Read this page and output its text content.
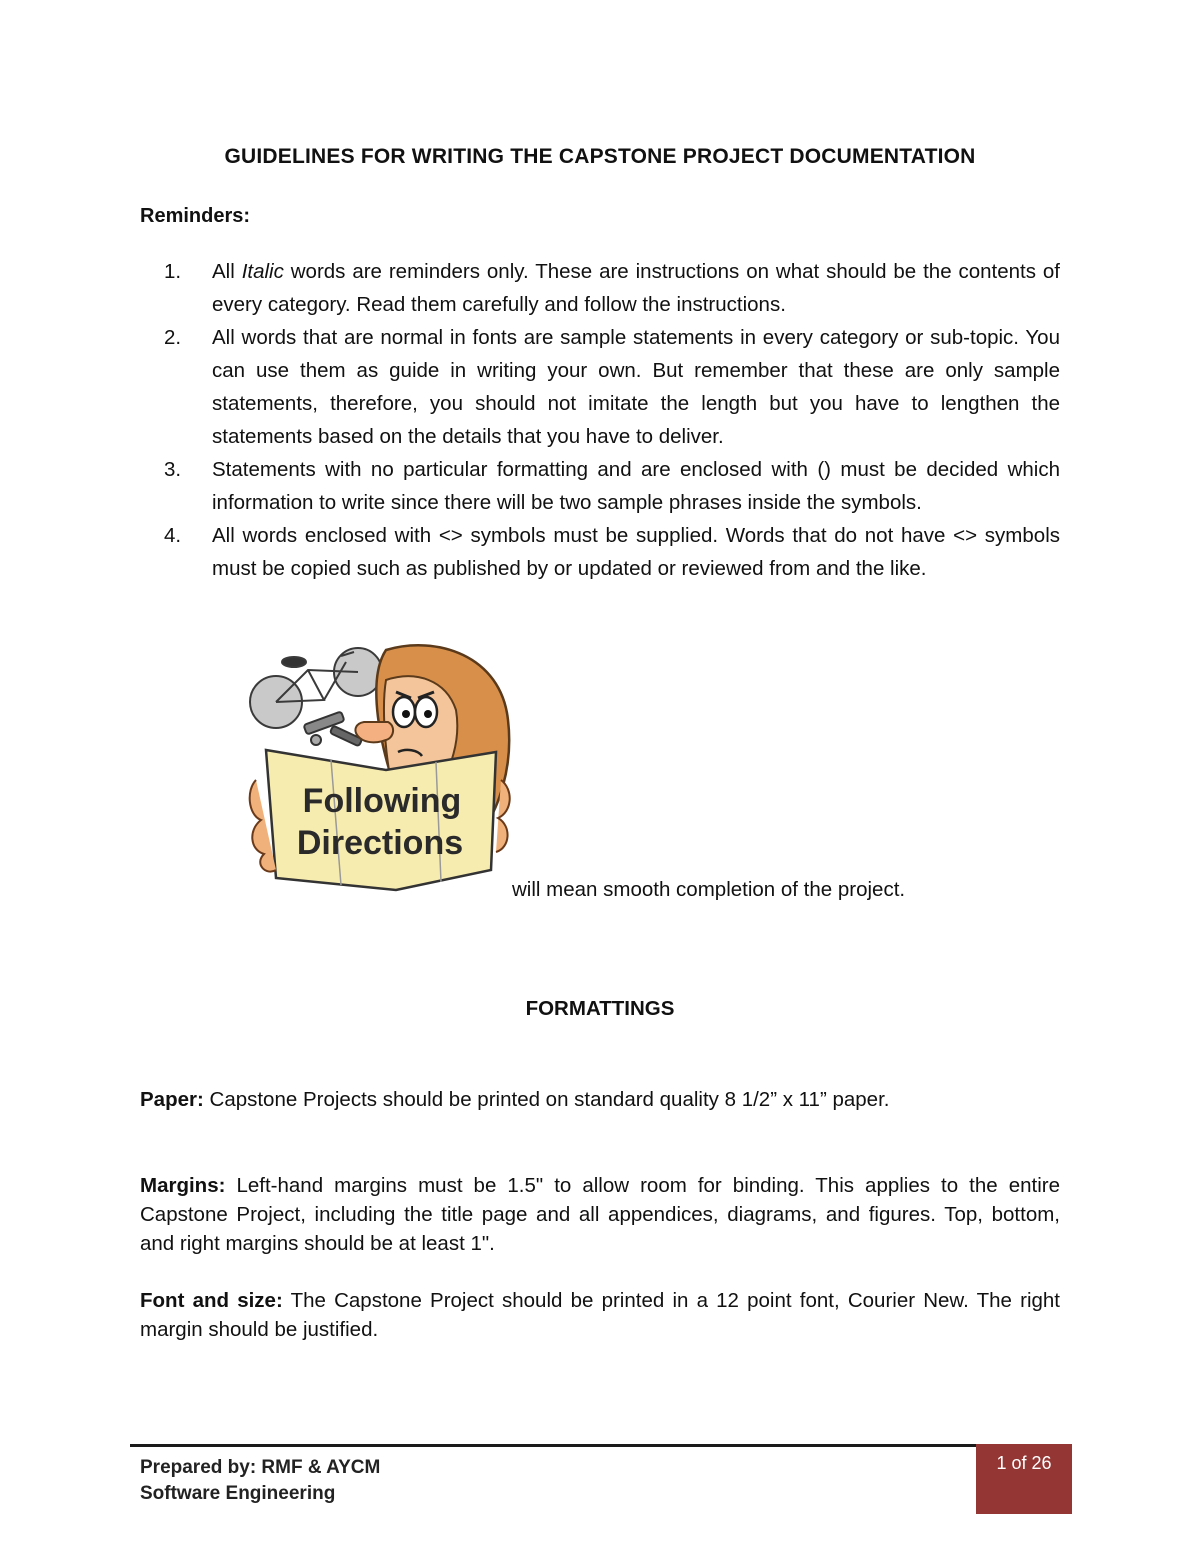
GUIDELINES FOR WRITING THE CAPSTONE PROJECT DOCUMENTATION
Reminders:
1. All Italic words are reminders only. These are instructions on what should be the contents of every category. Read them carefully and follow the instructions.
2. All words that are normal in fonts are sample statements in every category or sub-topic. You can use them as guide in writing your own. But remember that these are only sample statements, therefore, you should not imitate the length but you have to lengthen the statements based on the details that you have to deliver.
3. Statements with no particular formatting and are enclosed with () must be decided which information to write since there will be two sample phrases inside the symbols.
4. All words enclosed with <> symbols must be supplied. Words that do not have <> symbols must be copied such as published by or updated or reviewed from and the like.
Following
Directions
will mean smooth completion of the project.
FORMATTINGS
Paper: Capstone Projects should be printed on standard quality 8 1/2” x 11” paper.
Margins: Left-hand margins must be 1.5" to allow room for binding. This applies to the entire Capstone Project, including the title page and all appendices, diagrams, and figures. Top, bottom, and right margins should be at least 1".
Font and size: The Capstone Project should be printed in a 12 point font, Courier New. The right margin should be justified.
Prepared by: RMF & AYCM
Software Engineering
1 of 26
